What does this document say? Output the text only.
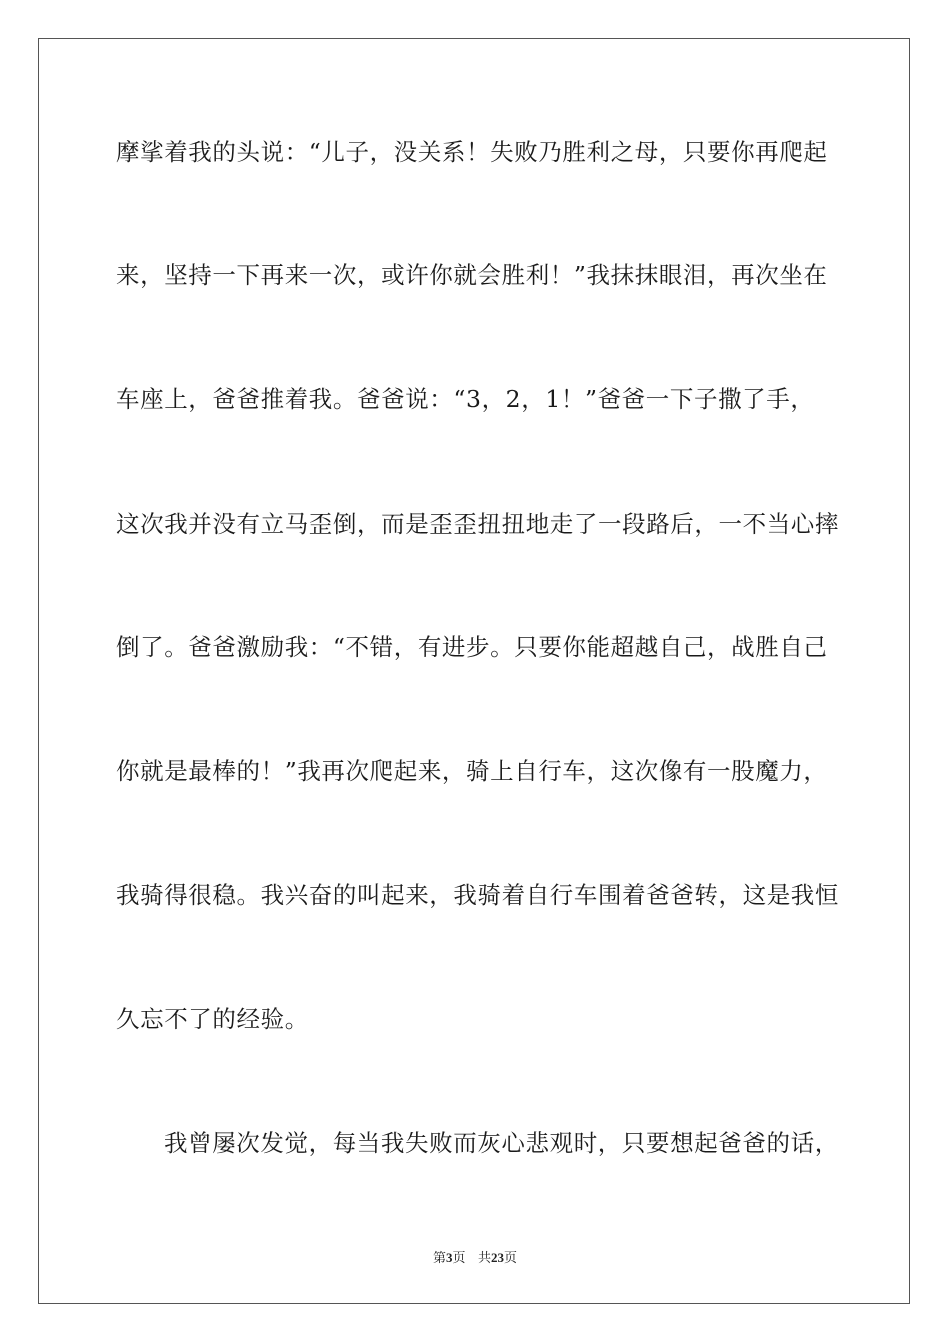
摩挲着我的头说：“儿子，没关系！失败乃胜利之母，只要你再爬起
来，坚持一下再来一次，或许你就会胜利！”我抹抹眼泪，再次坐在
车座上，爸爸推着我。爸爸说：“3，2，1！”爸爸一下子撒了手，
这次我并没有立马歪倒，而是歪歪扭扭地走了一段路后，一不当心摔
倒了。爸爸激励我：“不错，有进步。只要你能超越自己，战胜自己
你就是最棒的！”我再次爬起来，骑上自行车，这次像有一股魔力，
我骑得很稳。我兴奋的叫起来，我骑着自行车围着爸爸转，这是我恒
久忘不了的经验。
我曾屡次发觉，每当我失败而灰心悲观时，只要想起爸爸的话，
第3页 共23页
